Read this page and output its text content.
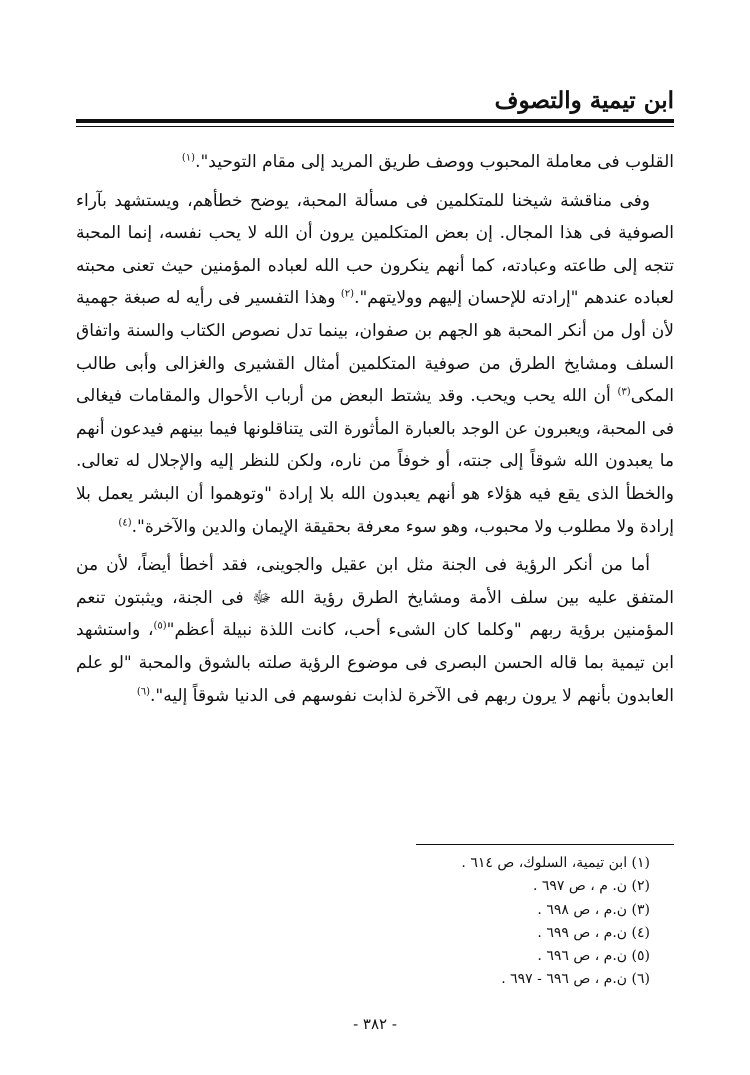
ابن تيمية والتصوف

القلوب فى معاملة المحبوب ووصف طريق المريد إلى مقام التوحيد".$^{(١)}$

وفى مناقشة شيخنا للمتكلمين فى مسألة المحبة، يوضح خطأهم، ويستشهد بآراء الصوفية فى هذا المجال. إن بعض المتكلمين يرون أن الله لا يحب نفسه، إنما المحبة تتجه إلى طاعته وعبادته، كما أنهم ينكرون حب الله لعباده المؤمنين حيث تعنى محبته لعباده عندهم "إرادته للإحسان إليهم وولايتهم".$^{(٢)}$ وهذا التفسير فى رأيه له صبغة جهمية لأن أول من أنكر المحبة هو الجهم بن صفوان، بينما تدل نصوص الكتاب والسنة واتفاق السلف ومشايخ الطرق من صوفية المتكلمين أمثال القشيرى والغزالى وأبى طالب المكى$^{(٣)}$ أن الله يحب ويحب. وقد يشتط البعض من أرباب الأحوال والمقامات فيغالى فى المحبة، ويعبرون عن الوجد بالعبارة المأثورة التى يتناقلونها فيما بينهم فيدعون أنهم ما يعبدون الله شوقاً إلى جنته، أو خوفاً من ناره، ولكن للنظر إليه والإجلال له تعالى. والخطأ الذى يقع فيه هؤلاء هو أنهم يعبدون الله بلا إرادة "وتوهموا أن البشر يعمل بلا إرادة ولا مطلوب ولا محبوب، وهو سوء معرفة بحقيقة الإيمان والدين والآخرة".$^{(٤)}$

أما من أنكر الرؤية فى الجنة مثل ابن عقيل والجوينى، فقد أخطأ أيضاً، لأن من المتفق عليه بين سلف الأمة ومشايخ الطرق رؤية الله ﷻ فى الجنة، ويثبتون تنعم المؤمنين برؤية ربهم "وكلما كان الشىء أحب، كانت اللذة نبيلة أعظم"$^{(٥)}$، واستشهد ابن تيمية بما قاله الحسن البصرى فى موضوع الرؤية صلته بالشوق والمحبة "لو علم العابدون بأنهم لا يرون ربهم فى الآخرة لذابت نفوسهم فى الدنيا شوقاً إليه".$^{(٦)}$

(١) ابن تيمية، السلوك، ص ٦١٤ .
(٢) ن. م ، ص ٦٩٧ .
(٣) ن.م ، ص ٦٩٨ .
(٤) ن.م ، ص ٦٩٩ .
(٥) ن.م ، ص ٦٩٦ .
(٦) ن.م ، ص ٦٩٦ - ٦٩٧ .
- ٣٨٢ -
